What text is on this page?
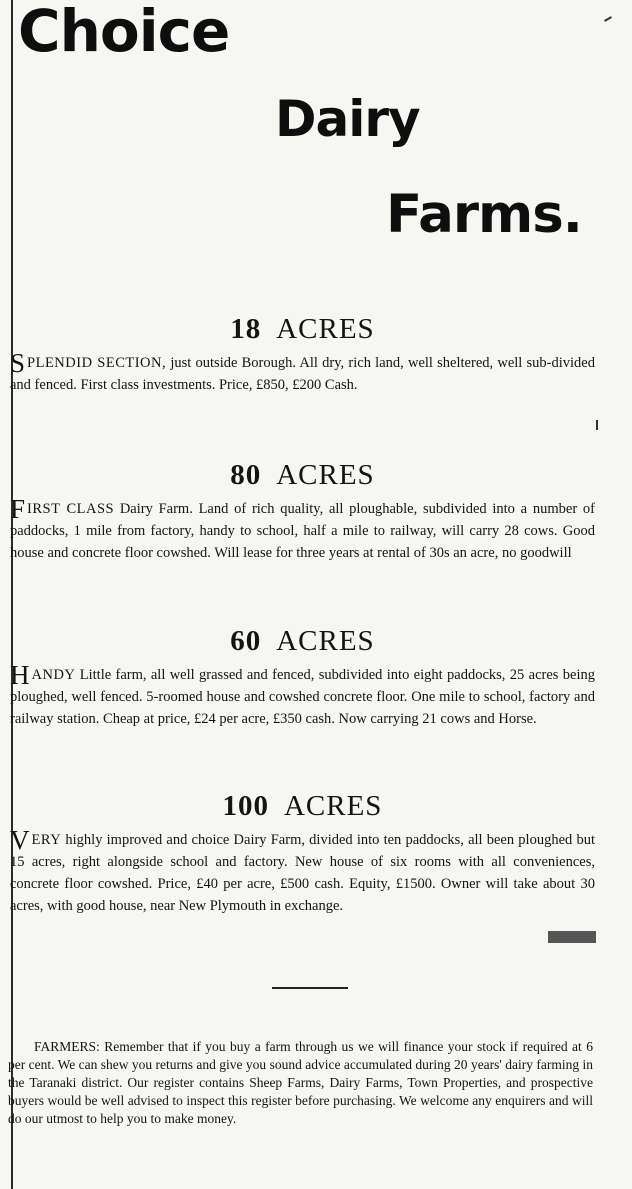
Choice
Dairy
Farms.
18 ACRES

SPLENDID SECTION, just outside Borough. All dry, rich land, well sheltered, well sub-divided and fenced. First class investments. Price, £850, £200 Cash.

80 ACRES

FIRST CLASS Dairy Farm. Land of rich quality, all ploughable, subdivided into a number of paddocks, 1 mile from factory, handy to school, half a mile to railway, will carry 28 cows. Good house and concrete floor cowshed. Will lease for three years at rental of 30s an acre, no goodwill

60 ACRES

HANDY Little farm, all well grassed and fenced, subdivided into eight paddocks, 25 acres being ploughed, well fenced. 5-roomed house and cowshed concrete floor. One mile to school, factory and railway station. Cheap at price, £24 per acre, £350 cash. Now carrying 21 cows and Horse.

100 ACRES

VERY highly improved and choice Dairy Farm, divided into ten paddocks, all been ploughed but 15 acres, right alongside school and factory. New house of six rooms with all conveniences, concrete floor cowshed. Price, £40 per acre, £500 cash. Equity, £1500. Owner will take about 30 acres, with good house, near New Plymouth in exchange.

FARMERS: Remember that if you buy a farm through us we will finance your stock if required at 6 per cent. We can shew you returns and give you sound advice accumulated during 20 years' dairy farming in the Taranaki district. Our register contains Sheep Farms, Dairy Farms, Town Properties, and prospective buyers would be well advised to inspect this register before purchasing. We welcome any enquirers and will do our utmost to help you to make money.
